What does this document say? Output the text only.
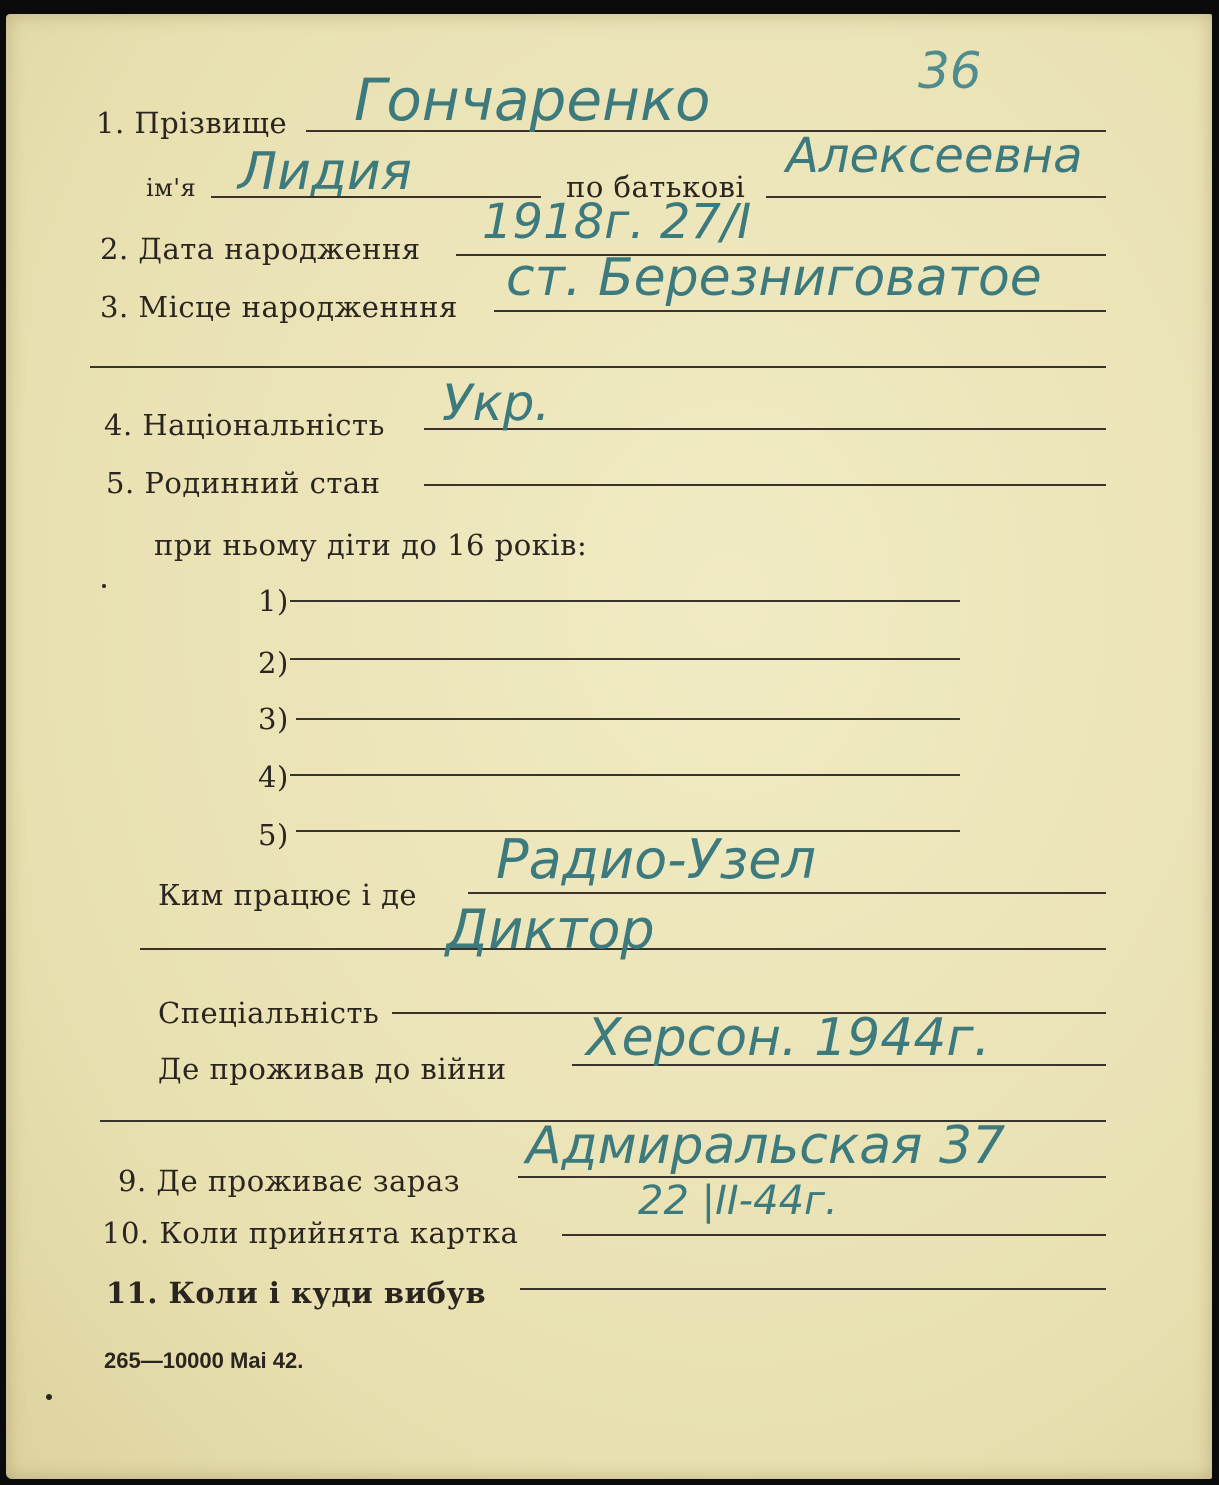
36
1. Прізвище Гончаренко
ім'я Лидия	по батькові
Алексеевна
2. Дата народження 1918г. 27/I
3. Місце народженння ст. Березниговатое
4. Національність Укр.
5. Родинний стан
при ньому діти до 16 років:
1)
2)
3)
4)
5)
Ким працює і де
Радио-Узел
Диктор
Спеціальність
Де проживав до війни
Херсон. 1944г.
9. Де проживає зараз
Адмиральская 37
10. Коли прийнята картка
22 |II-44г.
11. Коли і куди вибув
265—10000 Mai 42.
